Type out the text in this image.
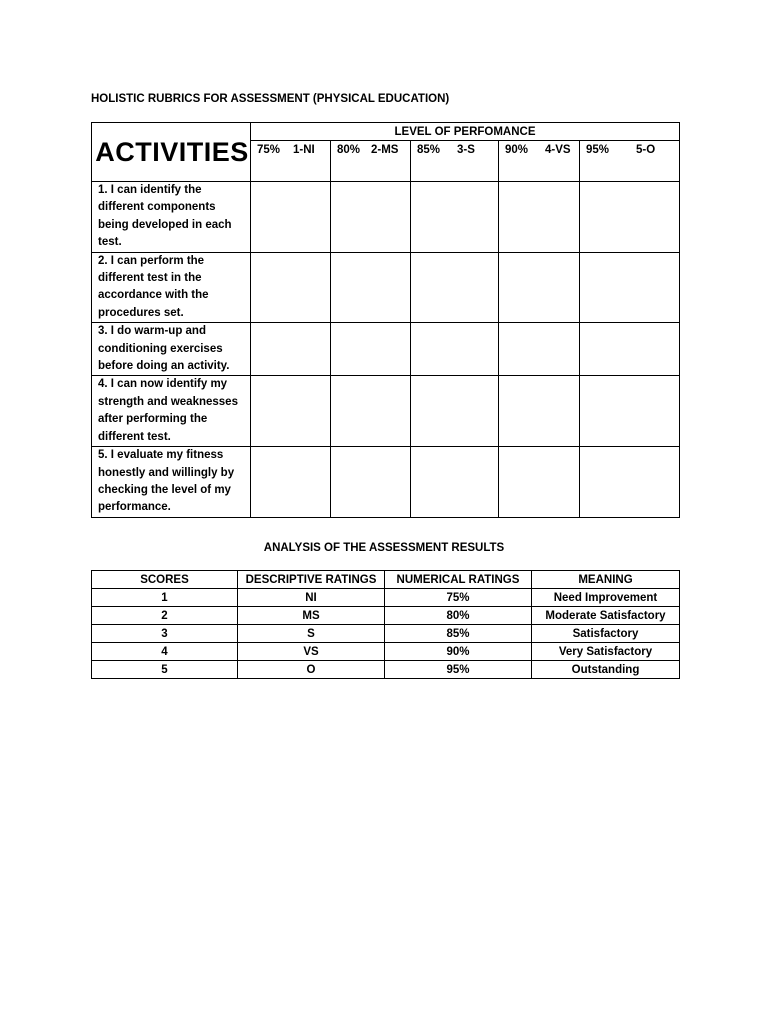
HOLISTIC RUBRICS FOR ASSESSMENT (PHYSICAL EDUCATION)
ACTIVITIES	LEVEL OF PERFOMANCE				
	75% 1-NI	80% 2-MS	85% 3-S	90% 4-VS	95% 5-O

1. I can identify the
different components
being developed in each
test.					

2. I can perform the
different test in the
accordance with the
procedures set.					

3. I do warm-up and
conditioning exercises
before doing an activity.					

4. I can now identify my
strength and weaknesses
after performing the
different test.					

5. I evaluate my fitness
honestly and willingly by
checking the level of my
performance.					

ANALYSIS OF THE ASSESSMENT RESULTS
SCORES	DESCRIPTIVE RATINGS	NUMERICAL RATINGS	MEANING
1	NI	75%	Need Improvement
2	MS	80%	Moderate Satisfactory
3	S	85%	Satisfactory
4	VS	90%	Very Satisfactory
5	O	95%	Outstanding
